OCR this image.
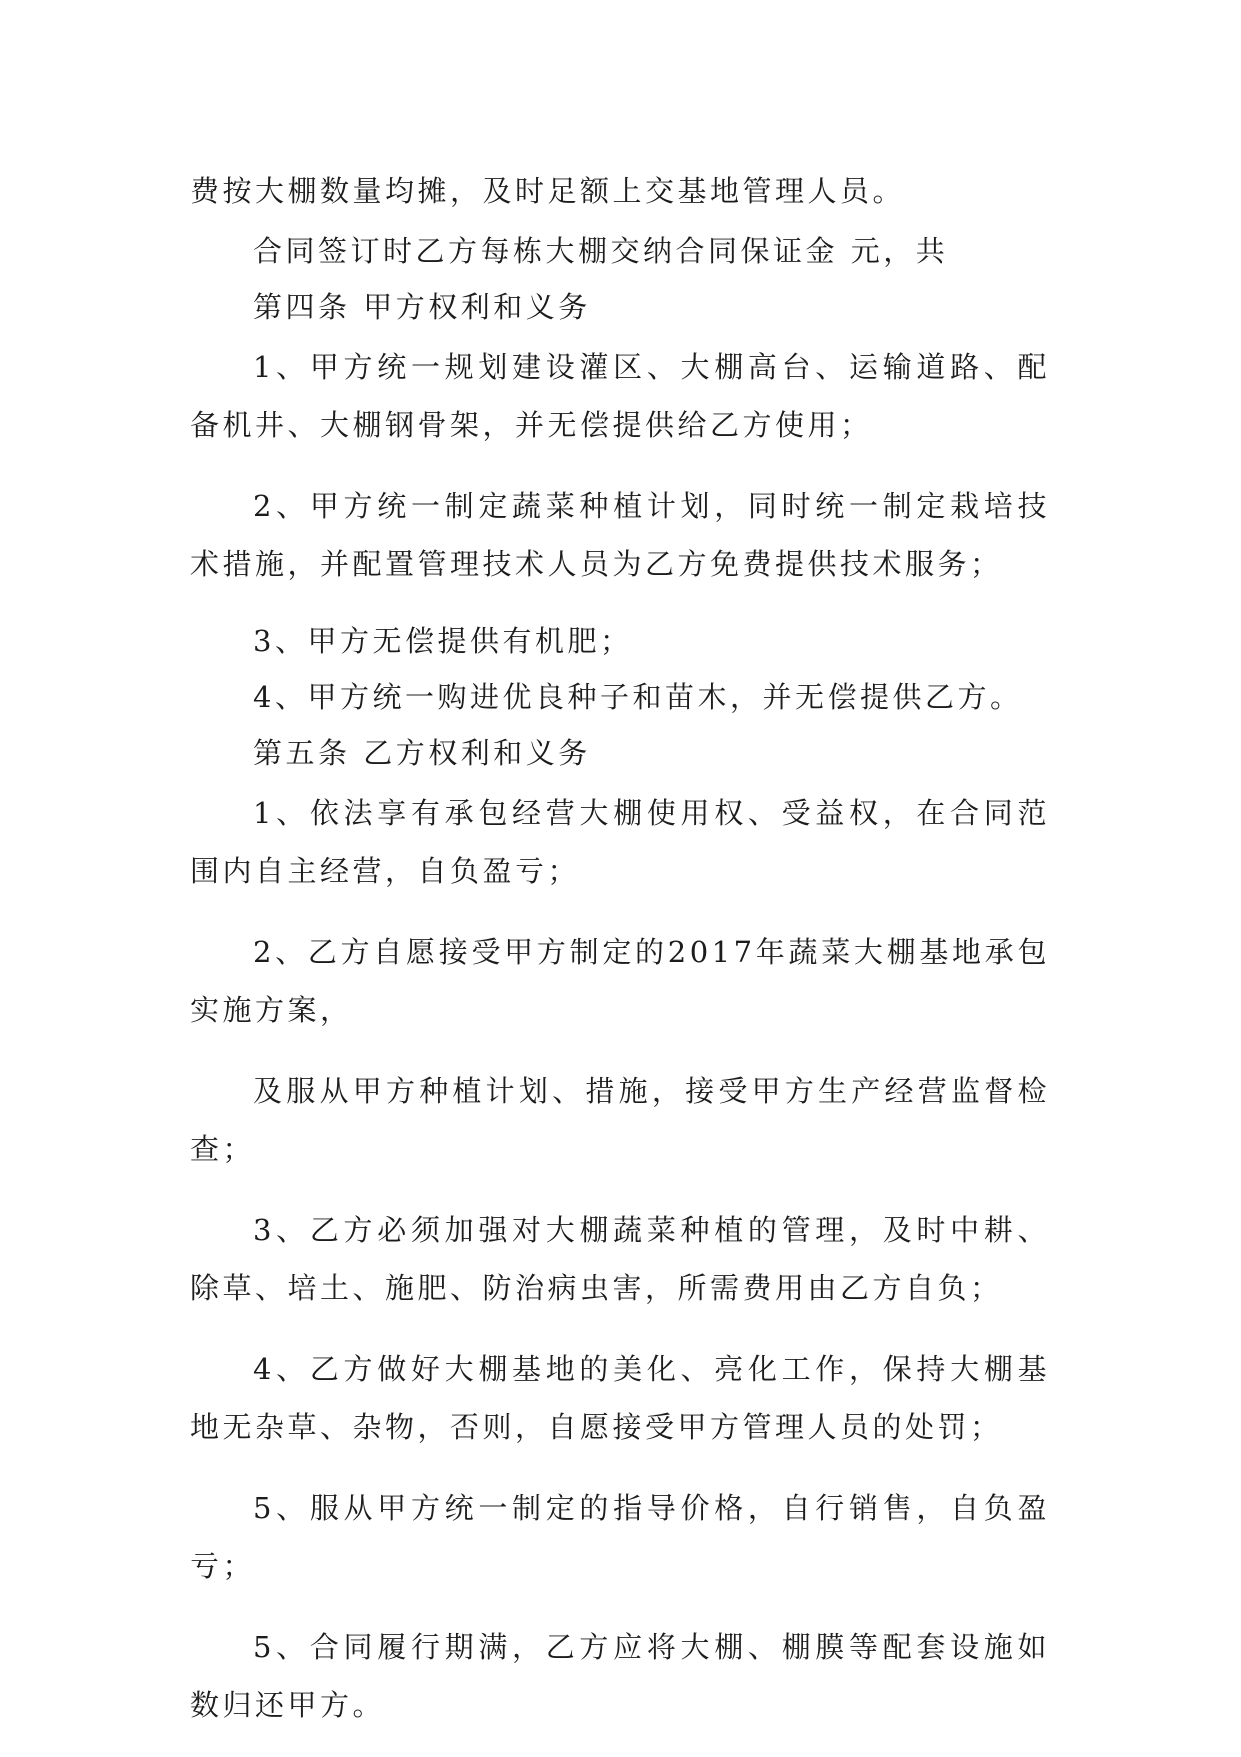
费按大棚数量均摊，及时足额上交基地管理人员。

合同签订时乙方每栋大棚交纳合同保证金 元，共

第四条 甲方权利和义务

1、甲方统一规划建设灌区、大棚高台、运输道路、配备机井、大棚钢骨架，并无偿提供给乙方使用；

2、甲方统一制定蔬菜种植计划，同时统一制定栽培技术措施，并配置管理技术人员为乙方免费提供技术服务；

3、甲方无偿提供有机肥；

4、甲方统一购进优良种子和苗木，并无偿提供乙方。

第五条 乙方权利和义务

1、依法享有承包经营大棚使用权、受益权，在合同范围内自主经营，自负盈亏；

2、乙方自愿接受甲方制定的2017年蔬菜大棚基地承包实施方案，

及服从甲方种植计划、措施，接受甲方生产经营监督检查；

3、乙方必须加强对大棚蔬菜种植的管理，及时中耕、除草、培土、施肥、防治病虫害，所需费用由乙方自负；

4、乙方做好大棚基地的美化、亮化工作，保持大棚基地无杂草、杂物，否则，自愿接受甲方管理人员的处罚；

5、服从甲方统一制定的指导价格，自行销售，自负盈亏；

5、合同履行期满，乙方应将大棚、棚膜等配套设施如数归还甲方。
